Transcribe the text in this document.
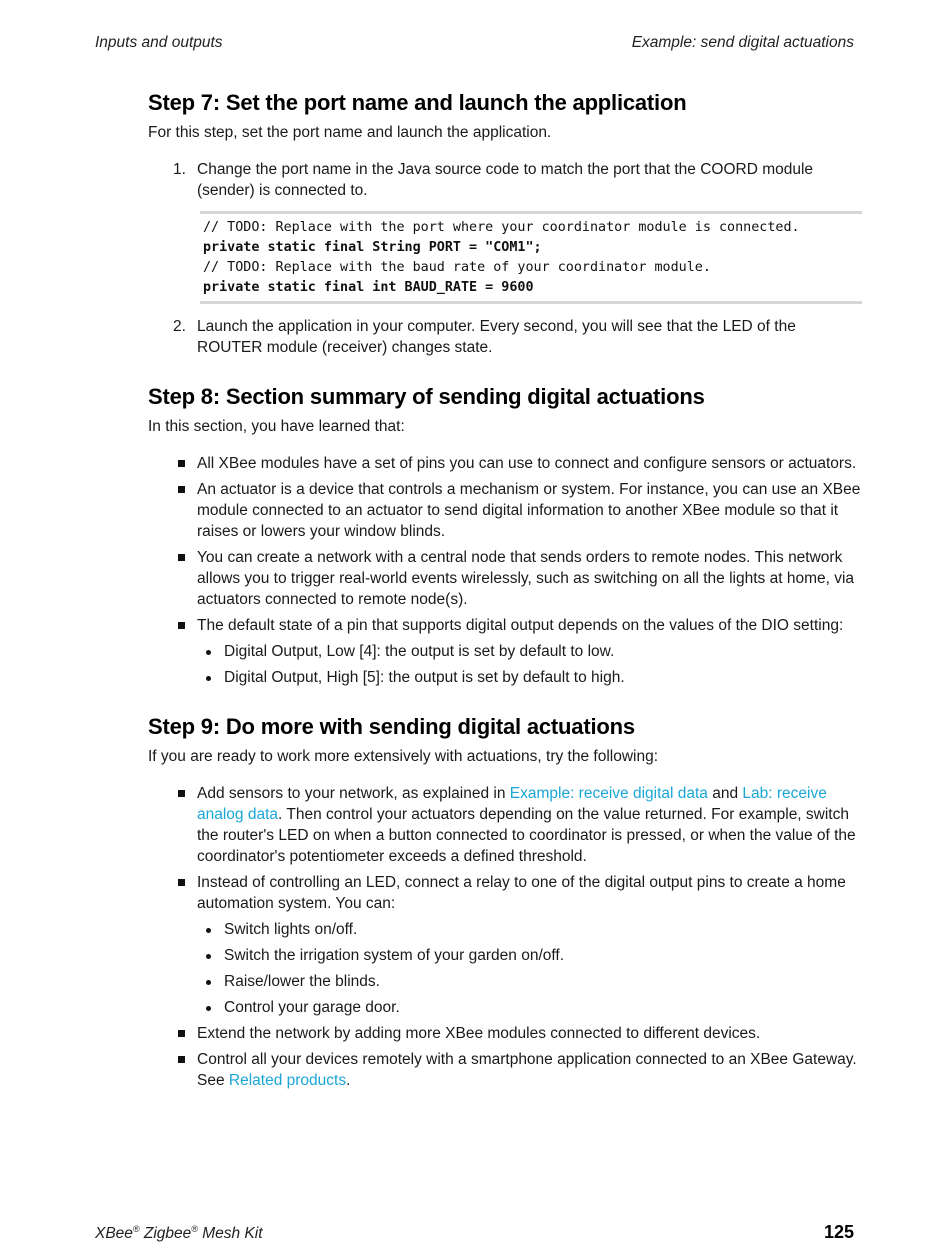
Inputs and outputs	Example: send digital actuations
Step 7: Set the port name and launch the application

For this step, set the port name and launch the application.

1. Change the port name in the Java source code to match the port that the COORD module (sender) is connected to.
// TODO: Replace with the port where your coordinator module is connected.
private static final String PORT = "COM1";
// TODO: Replace with the baud rate of your coordinator module.
private static final int BAUD_RATE = 9600
2. Launch the application in your computer. Every second, you will see that the LED of the ROUTER module (receiver) changes state.
Step 8: Section summary of sending digital actuations

In this section, you have learned that:

All XBee modules have a set of pins you can use to connect and configure sensors or actuators.
An actuator is a device that controls a mechanism or system. For instance, you can use an XBee module connected to an actuator to send digital information to another XBee module so that it raises or lowers your window blinds.
You can create a network with a central node that sends orders to remote nodes. This network allows you to trigger real-world events wirelessly, such as switching on all the lights at home, via actuators connected to remote node(s).
The default state of a pin that supports digital output depends on the values of the DIO setting:
Digital Output, Low [4]: the output is set by default to low.
Digital Output, High [5]: the output is set by default to high.
Step 9: Do more with sending digital actuations

If you are ready to work more extensively with actuations, try the following:

Add sensors to your network, as explained in Example: receive digital data and Lab: receive analog data. Then control your actuators depending on the value returned. For example, switch the router's LED on when a button connected to coordinator is pressed, or when the value of the coordinator's potentiometer exceeds a defined threshold.
Instead of controlling an LED, connect a relay to one of the digital output pins to create a home automation system. You can:
Switch lights on/off.
Switch the irrigation system of your garden on/off.
Raise/lower the blinds.
Control your garage door.
Extend the network by adding more XBee modules connected to different devices.
Control all your devices remotely with a smartphone application connected to an XBee Gateway. See Related products.
XBee® Zigbee® Mesh Kit	125
